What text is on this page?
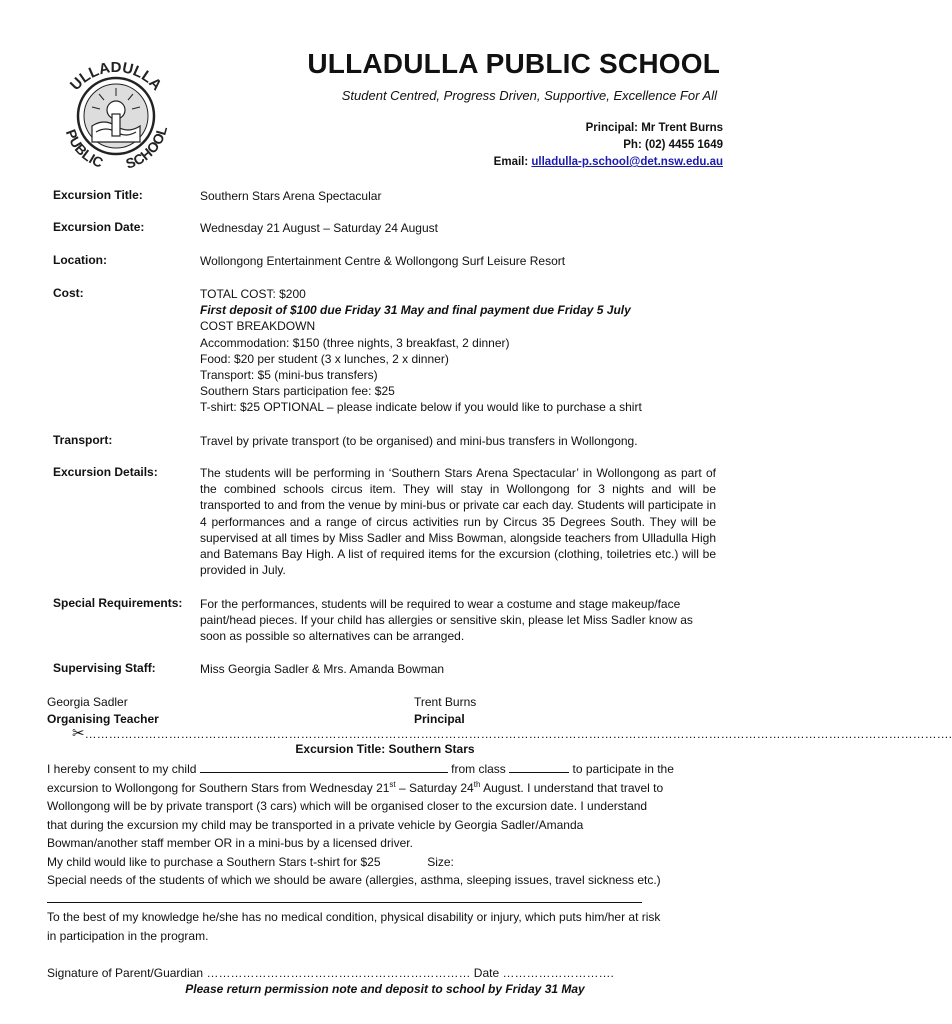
ULLADULLA
PUBLIC SCHOOL
ULLADULLA PUBLIC SCHOOL
Student Centred, Progress Driven, Supportive, Excellence For All
Principal: Mr Trent Burns
Ph: (02) 4455 1649
Email: ulladulla-p.school@det.nsw.edu.au
Excursion Title:	Southern Stars Arena Spectacular
Excursion Date:	Wednesday 21 August – Saturday 24 August
Location:	Wollongong Entertainment Centre & Wollongong Surf Leisure Resort
Cost:	TOTAL COST: $200

First deposit of $100 due Friday 31 May and final payment due Friday 5 July

COST BREAKDOWN

Accommodation: $150 (three nights, 3 breakfast, 2 dinner)

Food: $20 per student (3 x lunches, 2 x dinner)

Transport: $5 (mini-bus transfers)

Southern Stars participation fee: $25

T-shirt: $25 OPTIONAL – please indicate below if you would like to purchase a shirt

Transport:	Travel by private transport (to be organised) and mini-bus transfers in Wollongong.
Excursion Details:	The students will be performing in ‘Southern Stars Arena Spectacular’ in Wollongong as part of the combined schools circus item. They will stay in Wollongong for 3 nights and will be transported to and from the venue by mini-bus or private car each day. Students will participate in 4 performances and a range of circus activities run by Circus 35 Degrees South. They will be supervised at all times by Miss Sadler and Miss Bowman, alongside teachers from Ulladulla High and Batemans Bay High. A list of required items for the excursion (clothing, toiletries etc.) will be provided in July.
Special Requirements: For the performances, students will be required to wear a costume and stage makeup/face paint/head pieces. If your child has allergies or sensitive skin, please let Miss Sadler know as soon as possible so alternatives can be arranged.
Supervising Staff:	Miss Georgia Sadler & Mrs. Amanda Bowman
Georgia Sadler
Organising Teacher
Trent Burns
Principal
✂……………………………………………………………………………………………………………………………………………………………………………………………….
Excursion Title: Southern Stars

I hereby consent to my child	from class	to participate in the

excursion to Wollongong for Southern Stars from Wednesday 21st – Saturday 24th August. I understand that travel to

Wollongong will be by private transport (3 cars) which will be organised closer to the excursion date. I understand

that during the excursion my child may be transported in a private vehicle by Georgia Sadler/Amanda

Bowman/another staff member OR in a mini-bus by a licensed driver.

My child would like to purchase a Southern Stars t-shirt for $25	Size:

Special needs of the students of which we should be aware (allergies, asthma, sleeping issues, travel sickness etc.)

To the best of my knowledge he/she has no medical condition, physical disability or injury, which puts him/her at risk

in participation in the program.

Signature of Parent/Guardian ………………………………………………………… Date ……………………….

Please return permission note and deposit to school by Friday 31 May
